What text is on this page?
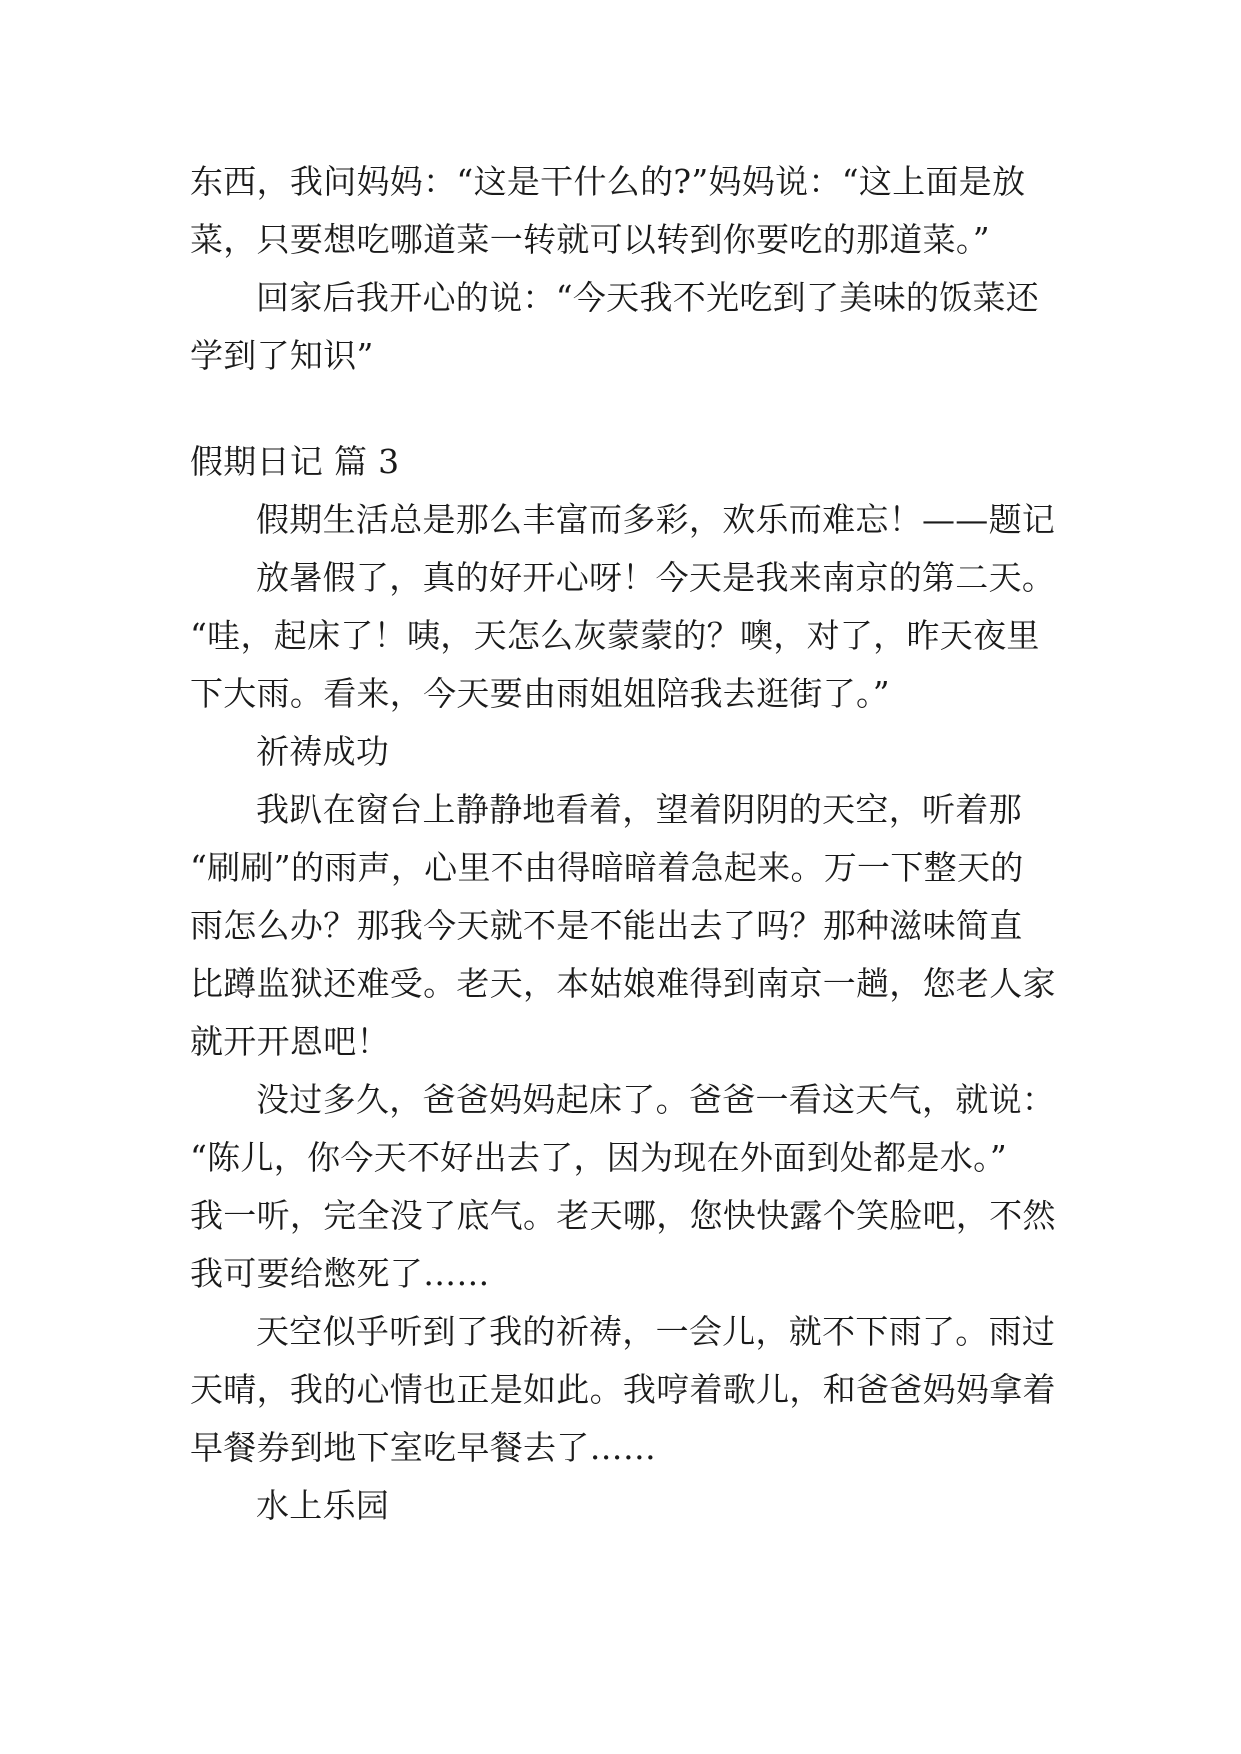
东西，我问妈妈：“这是干什么的?”妈妈说：“这上面是放
菜，只要想吃哪道菜一转就可以转到你要吃的那道菜。”
回家后我开心的说：“今天我不光吃到了美味的饭菜还
学到了知识”
假期日记 篇 3
假期生活总是那么丰富而多彩，欢乐而难忘！——题记
放暑假了，真的好开心呀！今天是我来南京的第二天。
“哇，起床了！咦，天怎么灰蒙蒙的？噢，对了，昨天夜里
下大雨。看来，今天要由雨姐姐陪我去逛街了。”
祈祷成功
我趴在窗台上静静地看着，望着阴阴的天空，听着那
“刷刷”的雨声，心里不由得暗暗着急起来。万一下整天的
雨怎么办？那我今天就不是不能出去了吗？那种滋味简直
比蹲监狱还难受。老天，本姑娘难得到南京一趟，您老人家
就开开恩吧！
没过多久，爸爸妈妈起床了。爸爸一看这天气，就说：
“陈儿，你今天不好出去了，因为现在外面到处都是水。”
我一听，完全没了底气。老天哪，您快快露个笑脸吧，不然
我可要给憋死了……
天空似乎听到了我的祈祷，一会儿，就不下雨了。雨过
天晴，我的心情也正是如此。我哼着歌儿，和爸爸妈妈拿着
早餐券到地下室吃早餐去了……
水上乐园
